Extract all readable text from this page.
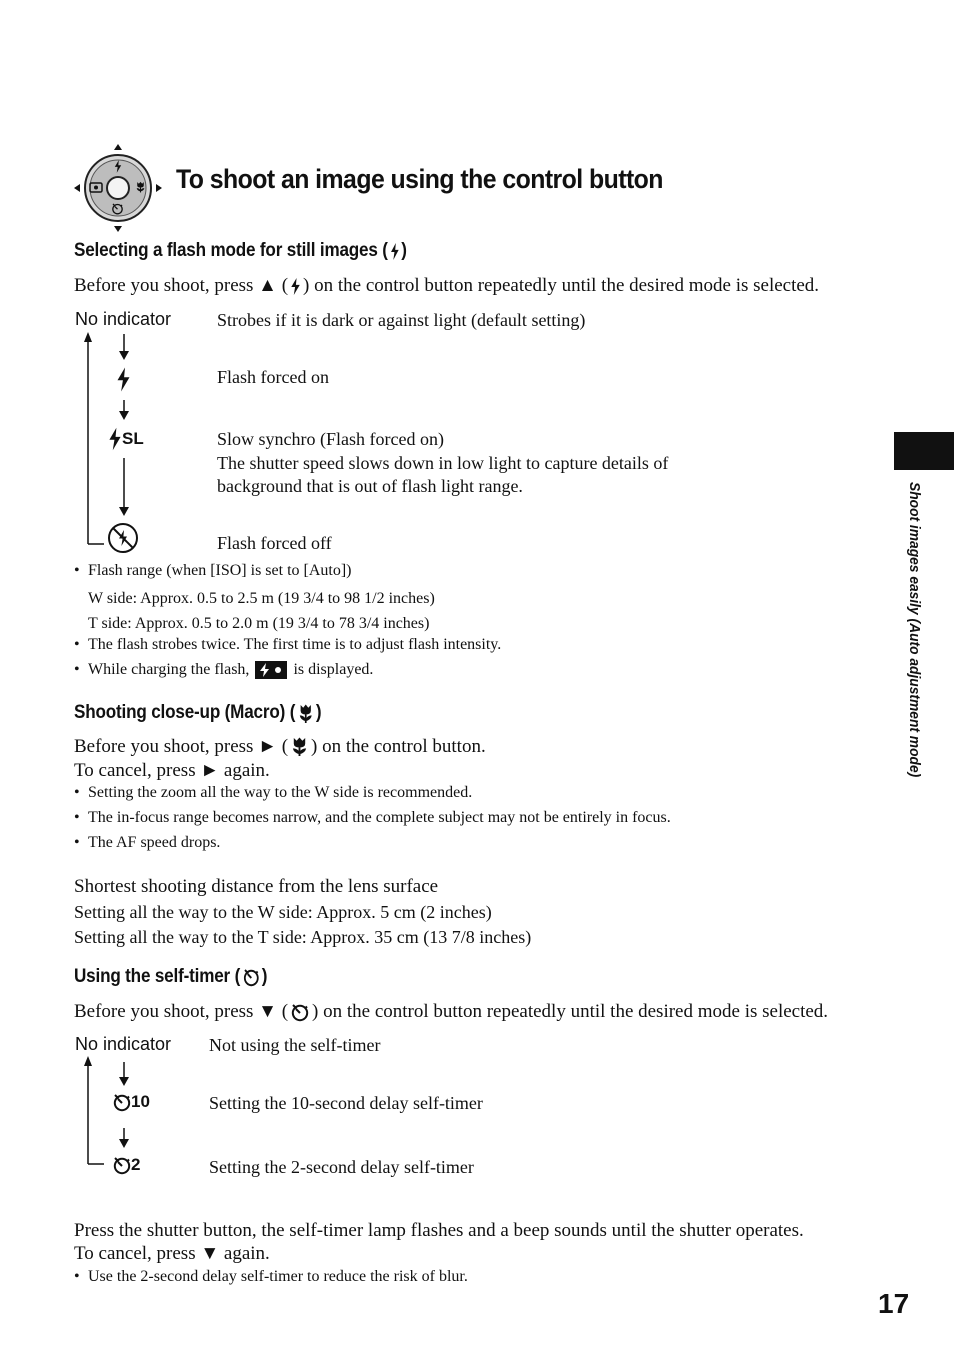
To shoot an image using the control button
Selecting a flash mode for still images ( )
Before you shoot, press ▲ ( ) on the control button repeatedly until the desired mode is selected.
No indicator	Strobes if it is dark or against light (default setting)
Flash forced on
SL	Slow synchro (Flash forced on)
The shutter speed slows down in low light to capture details of
background that is out of flash light range.
Flash forced off
• Flash range (when [ISO] is set to [Auto])
W side: Approx. 0.5 to 2.5 m (19 3/4 to 98 1/2 inches)
T side: Approx. 0.5 to 2.0 m (19 3/4 to 78 3/4 inches)
• The flash strobes twice. The first time is to adjust flash intensity.
• While charging the flash,	is displayed.
Shooting close-up (Macro) ( )
Before you shoot, press ► ( ) on the control button.
To cancel, press ► again.
• Setting the zoom all the way to the W side is recommended.
• The in-focus range becomes narrow, and the complete subject may not be entirely in focus.
• The AF speed drops.
Shortest shooting distance from the lens surface
Setting all the way to the W side: Approx. 5 cm (2 inches)
Setting all the way to the T side: Approx. 35 cm (13 7/8 inches)
Using the self-timer ( )
Before you shoot, press ▼ ( ) on the control button repeatedly until the desired mode is selected.
No indicator Not using the self-timer
10	Setting the 10-second delay self-timer
2	Setting the 2-second delay self-timer
Press the shutter button, the self-timer lamp flashes and a beep sounds until the shutter operates.
To cancel, press ▼ again.
• Use the 2-second delay self-timer to reduce the risk of blur.
Shoot images easily (Auto adjustment mode)
17
